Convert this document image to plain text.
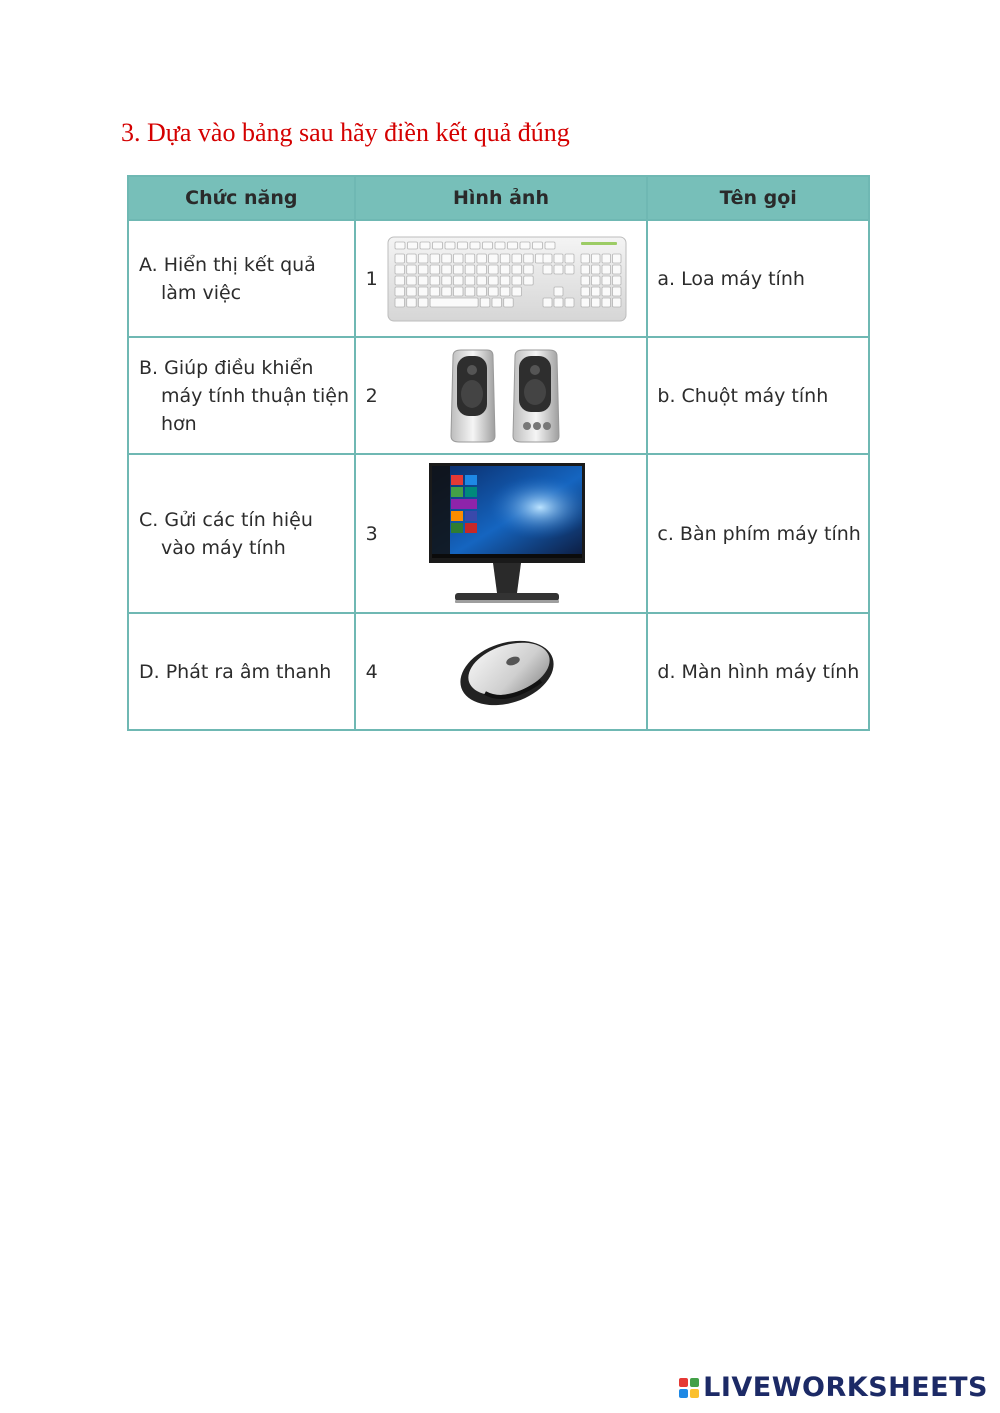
3. Dựa vào bảng sau hãy điền kết quả đúng
Chức năng	Hình ảnh	Tên gọi

A. Hiển thị kết quả làm việc	1	a. Loa máy tính

B. Giúp điều khiển máy tính thuận tiện hơn	2	b. Chuột máy tính

C. Gửi các tín hiệu vào máy tính	3	c. Bàn phím máy tính

D. Phát ra âm thanh	4	d. Màn hình máy tính
LIVEWORKSHEETS
